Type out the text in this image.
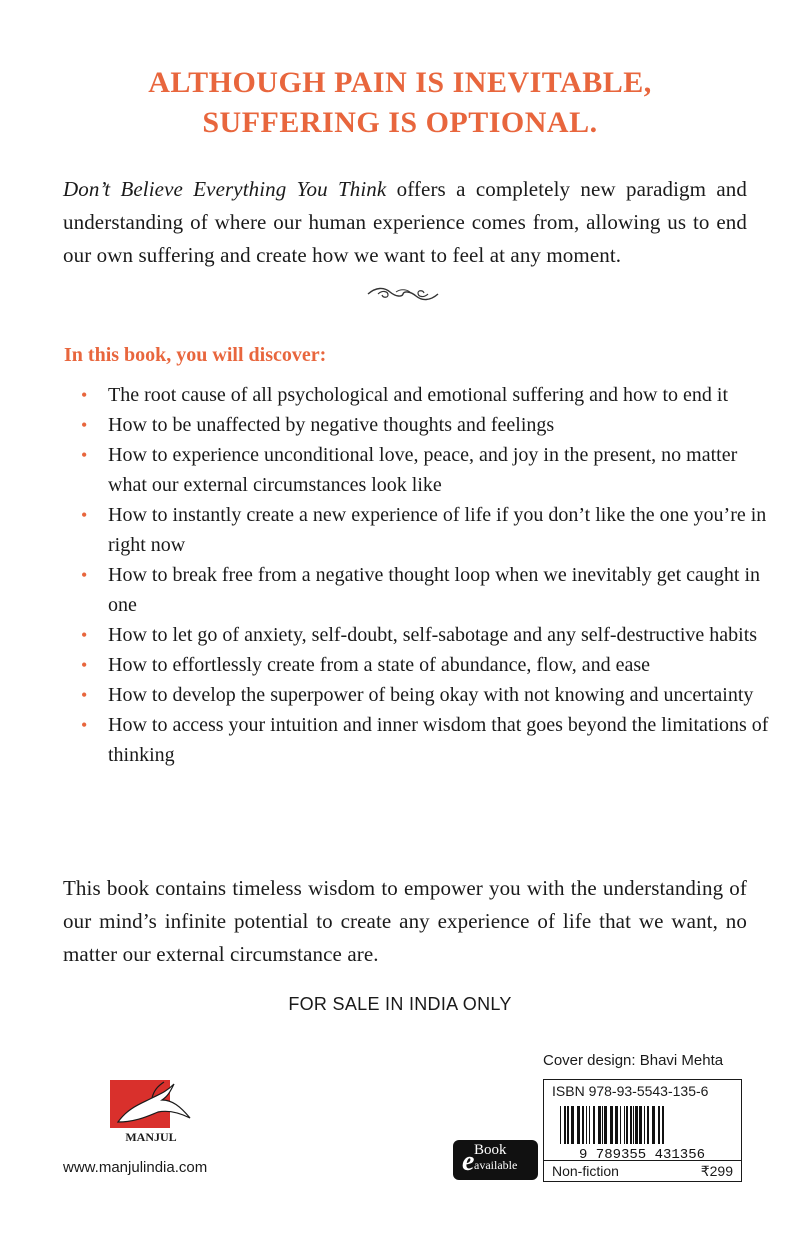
ALTHOUGH PAIN IS INEVITABLE,
SUFFERING IS OPTIONAL.

Don’t Believe Everything You Think offers a completely new paradigm and understanding of where our human experience comes from, allowing us to end our own suffering and create how we want to feel at any moment.

In this book, you will discover:
• The root cause of all psychological and emotional suffering and how to end it
• How to be unaffected by negative thoughts and feelings
• How to experience unconditional love, peace, and joy in the present, no matter what our external circumstances look like
• How to instantly create a new experience of life if you don’t like the one you’re in right now
• How to break free from a negative thought loop when we inevitably get caught in one
• How to let go of anxiety, self-doubt, self-sabotage and any self-destructive habits
• How to effortlessly create from a state of abundance, flow, and ease
• How to develop the superpower of being okay with not knowing and uncertainty
• How to access your intuition and inner wisdom that goes beyond the limitations of thinking

This book contains timeless wisdom to empower you with the understanding of our mind’s infinite potential to create any experience of life that we want, no matter our external circumstance are.

FOR SALE IN INDIA ONLY
MANJUL
www.manjulindia.com	e Book
available
Cover design: Bhavi Mehta
ISBN 978-93-5543-135-6
9 789355 431356
Non-fiction	₹299
